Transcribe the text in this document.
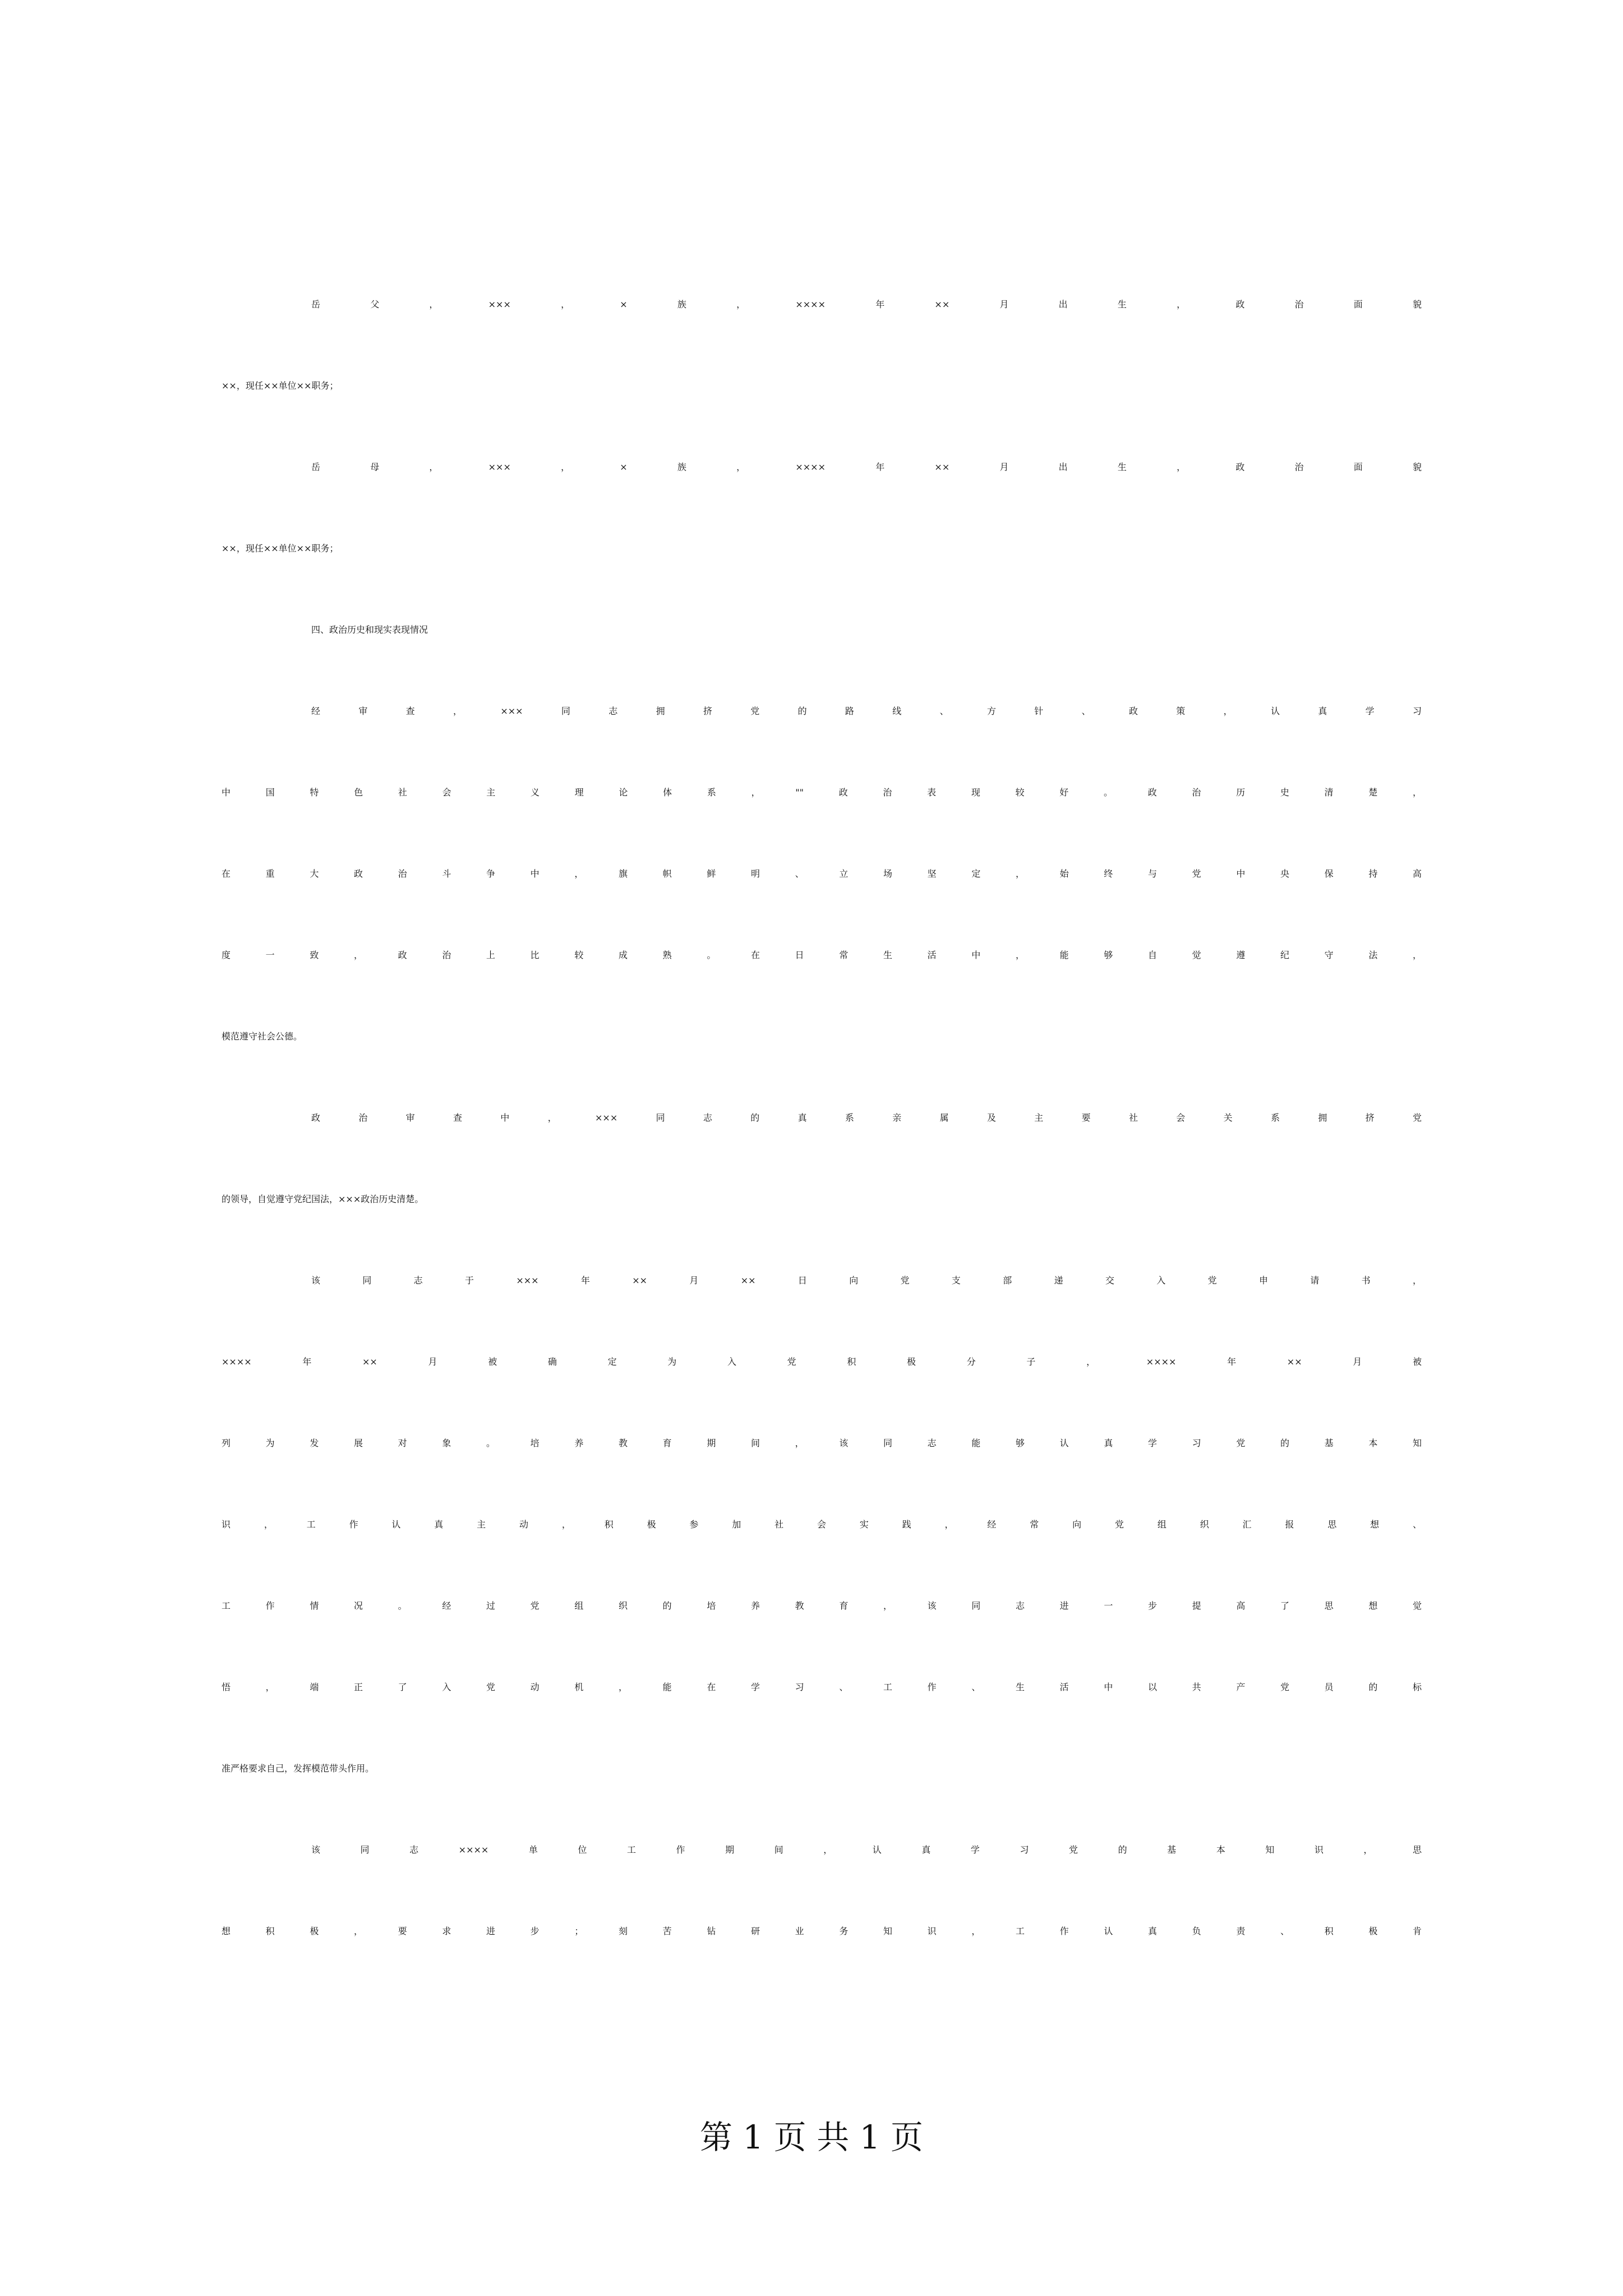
岳父，×××，×族，××××年××月出生，政治面貌
××，现任××单位××职务；
岳母，×××，×族，××××年××月出生，政治面貌
××，现任××单位××职务；
四、政治历史和现实表现情况
经审查，×××同志拥挤党的路线、方针、政策，认真学习
中国特色社会主义理论体系，""政治表现较好。政治历史清楚，
在重大政治斗争中，旗帜鲜明、立场坚定，始终与党中央保持高
度一致，政治上比较成熟。在日常生活中，能够自觉遵纪守法，
模范遵守社会公德。
政治审查中，×××同志的真系亲属及主要社会关系拥挤党
的领导，自觉遵守党纪国法，×××政治历史清楚。
该同志于×××年××月××日向党支部递交入党申请书，
××××年××月被确定为入党积极分子，××××年××月被
列为发展对象。培养教育期间，该同志能够认真学习党的基本知
识，工作认真主动，积极参加社会实践，经常向党组织汇报思想、
工作情况。经过党组织的培养教育，该同志进一步提高了思想觉
悟，端正了入党动机，能在学习、工作、生活中以共产党员的标
准严格要求自己，发挥模范带头作用。
该同志××××单位工作期间，认真学习党的基本知识，思
想积极，要求进步；刻苦钻研业务知识，工作认真负责、积极肯
第 1 页 共 1 页
